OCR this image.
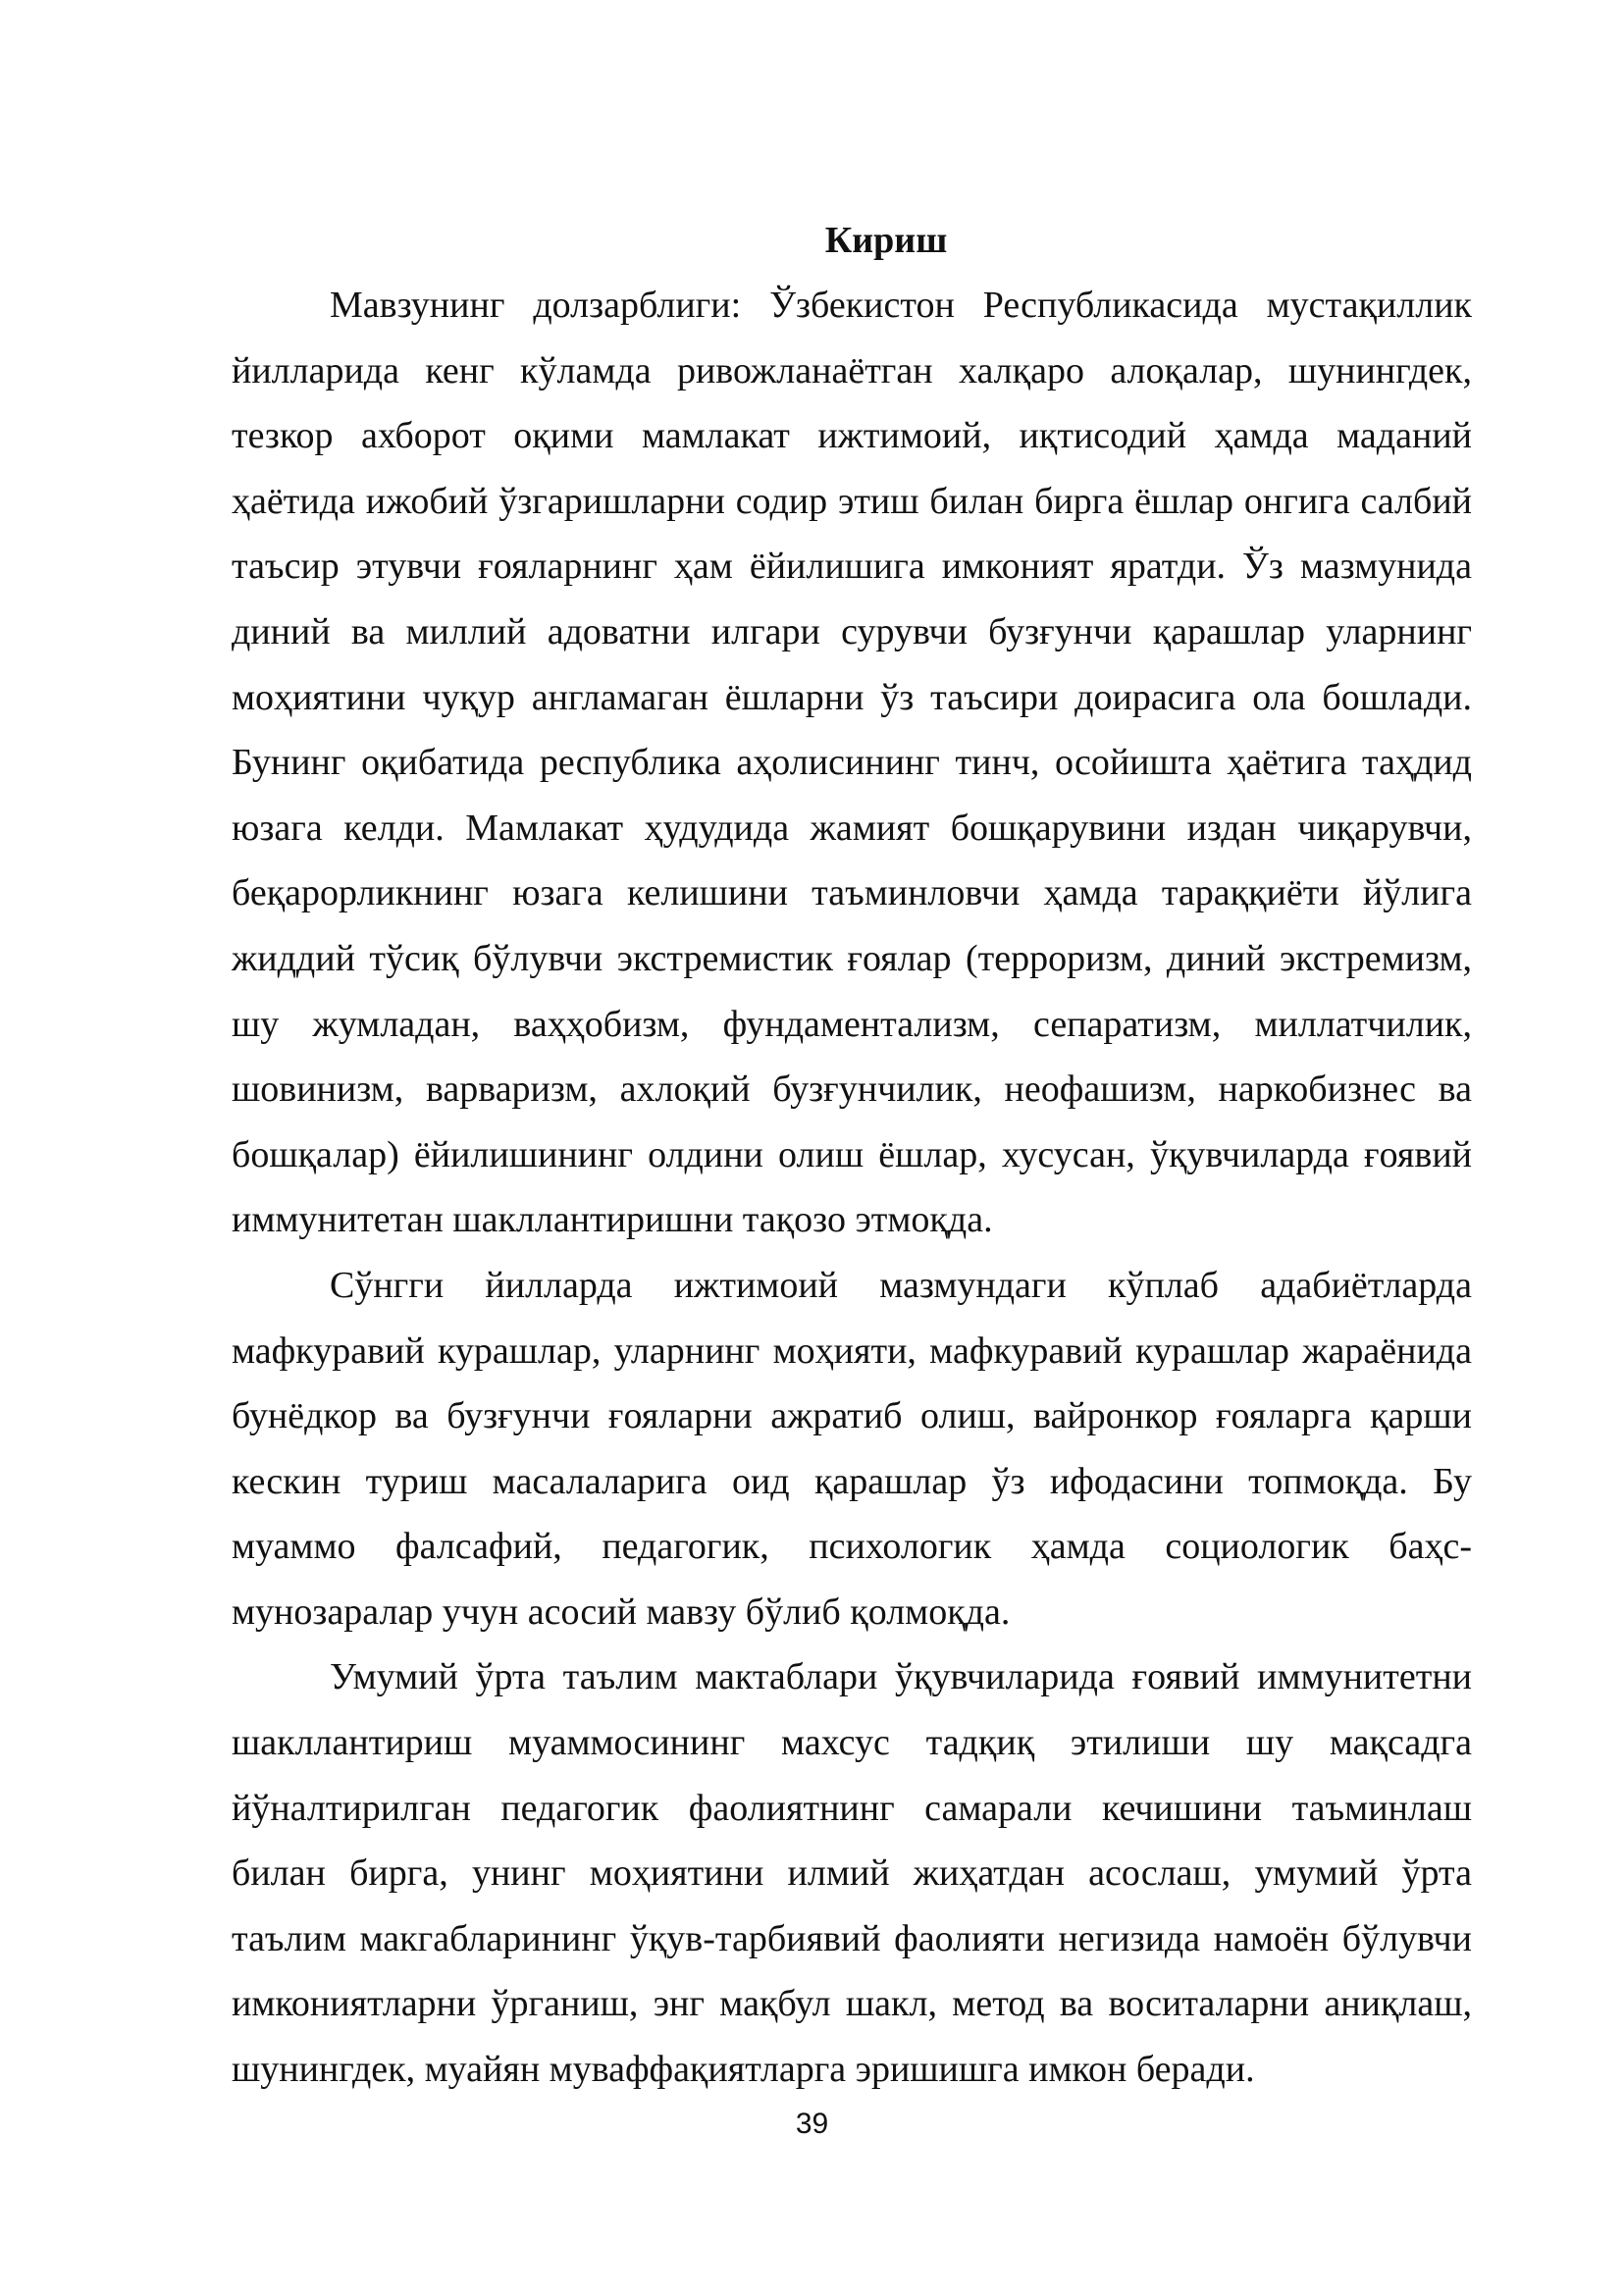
Кириш

Мавзунинг долзарблиги: Ўзбекистон Республикасида мустақиллик йилларида кенг кўламда ривожланаётган халқаро алоқалар, шунингдек, тезкор ахборот оқими мамлакат ижтимоий, иқтисодий ҳамда маданий ҳаётида ижобий ўзгаришларни содир этиш билан бирга ёшлар онгига салбий таъсир этувчи ғояларнинг ҳам ёйилишига имконият яратди. Ўз мазмунида диний ва миллий адоватни илгари сурувчи бузғунчи қарашлар уларнинг моҳиятини чуқур англамаган ёшларни ўз таъсири доирасига ола бошлади. Бунинг оқибатида республика аҳолисининг тинч, осойишта ҳаётига таҳдид юзага келди. Мамлакат ҳудудида жамият бошқарувини издан чиқарувчи, беқарорликнинг юзага келишини таъминловчи ҳамда тараққиёти йўлига жиддий тўсиқ бўлувчи экстремистик ғоялар (терроризм, диний экстремизм, шу жумладан, ваҳҳобизм, фундаментализм, сепаратизм, миллатчилик, шовинизм, варваризм, ахлоқий бузғунчилик, неофашизм, наркобизнес ва бошқалар) ёйилишининг олдини олиш ёшлар, хусусан, ўқувчиларда ғоявий иммунитетан шакллантиришни тақозо этмоқда.

Сўнгги йилларда ижтимоий мазмундаги кўплаб адабиётларда мафкуравий курашлар, уларнинг моҳияти, мафкуравий курашлар жараёнида бунёдкор ва бузғунчи ғояларни ажратиб олиш, вайронкор ғояларга қарши кескин туриш масалаларига оид қарашлар ўз ифодасини топмоқда. Бу муаммо фалсафий, педагогик, психологик ҳамда социологик баҳс-мунозаралар учун асосий мавзу бўлиб қолмоқда.

Умумий ўрта таълим мактаблари ўқувчиларида ғоявий иммунитетни шакллантириш муаммосининг махсус тадқиқ этилиши шу мақсадга йўналтирилган педагогик фаолиятнинг самарали кечишини таъминлаш билан бирга, унинг моҳиятини илмий жиҳатдан асослаш, умумий ўрта таълим макгабларининг ўқув-тарбиявий фаолияти негизида намоён бўлувчи имкониятларни ўрганиш, энг мақбул шакл, метод ва воситаларни аниқлаш, шунингдек, муайян муваффақиятларга эришишга имкон беради.

39
